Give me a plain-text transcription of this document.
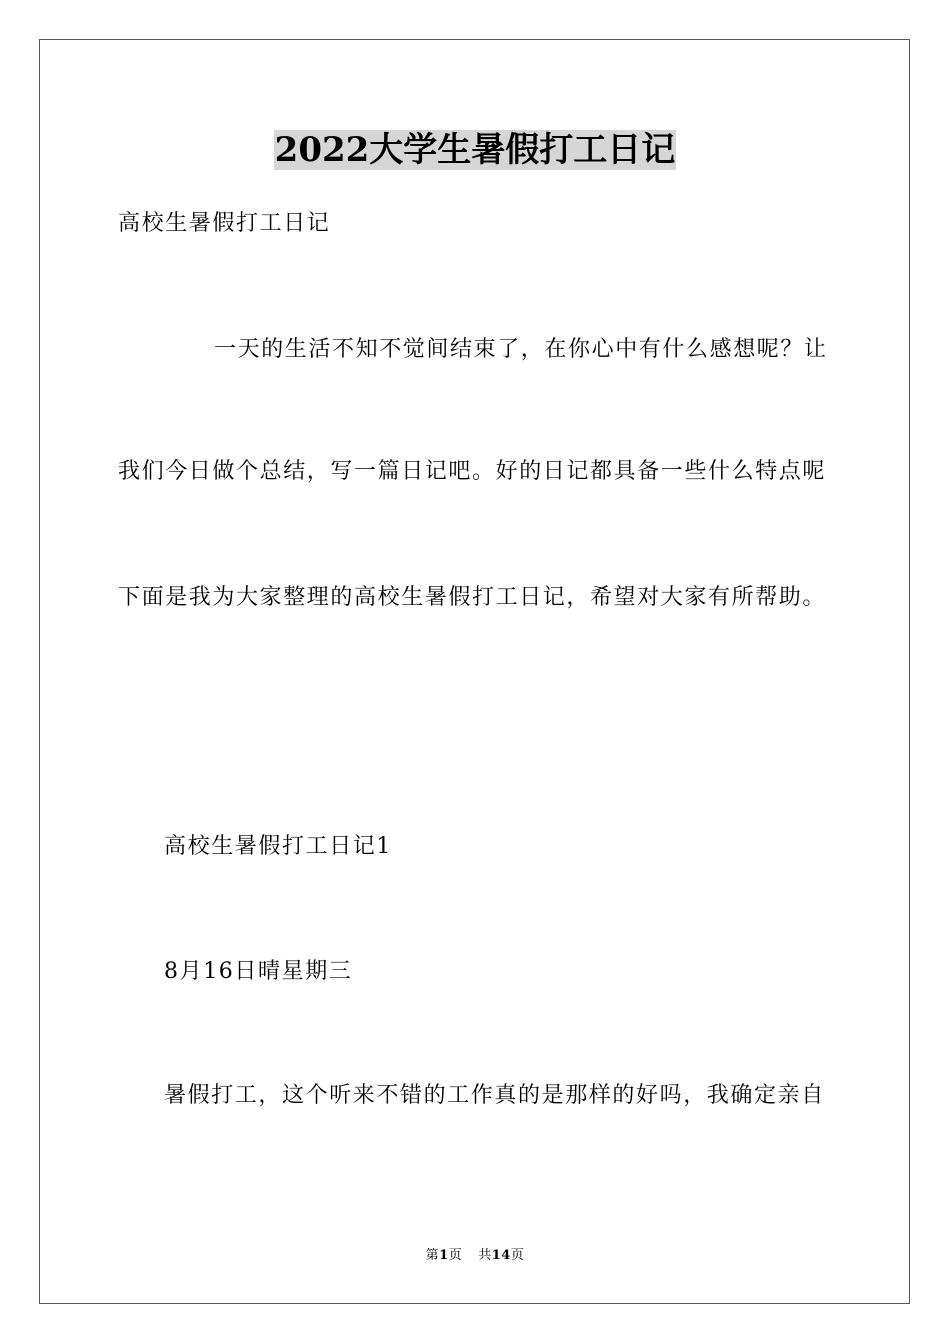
2022大学生暑假打工日记
高校生暑假打工日记
一天的生活不知不觉间结束了，在你心中有什么感想呢？让
我们今日做个总结，写一篇日记吧。好的日记都具备一些什么特点呢
下面是我为大家整理的高校生暑假打工日记，希望对大家有所帮助。
高校生暑假打工日记1
8月16日晴星期三
暑假打工，这个听来不错的工作真的是那样的好吗，我确定亲自
第1页 共14页
